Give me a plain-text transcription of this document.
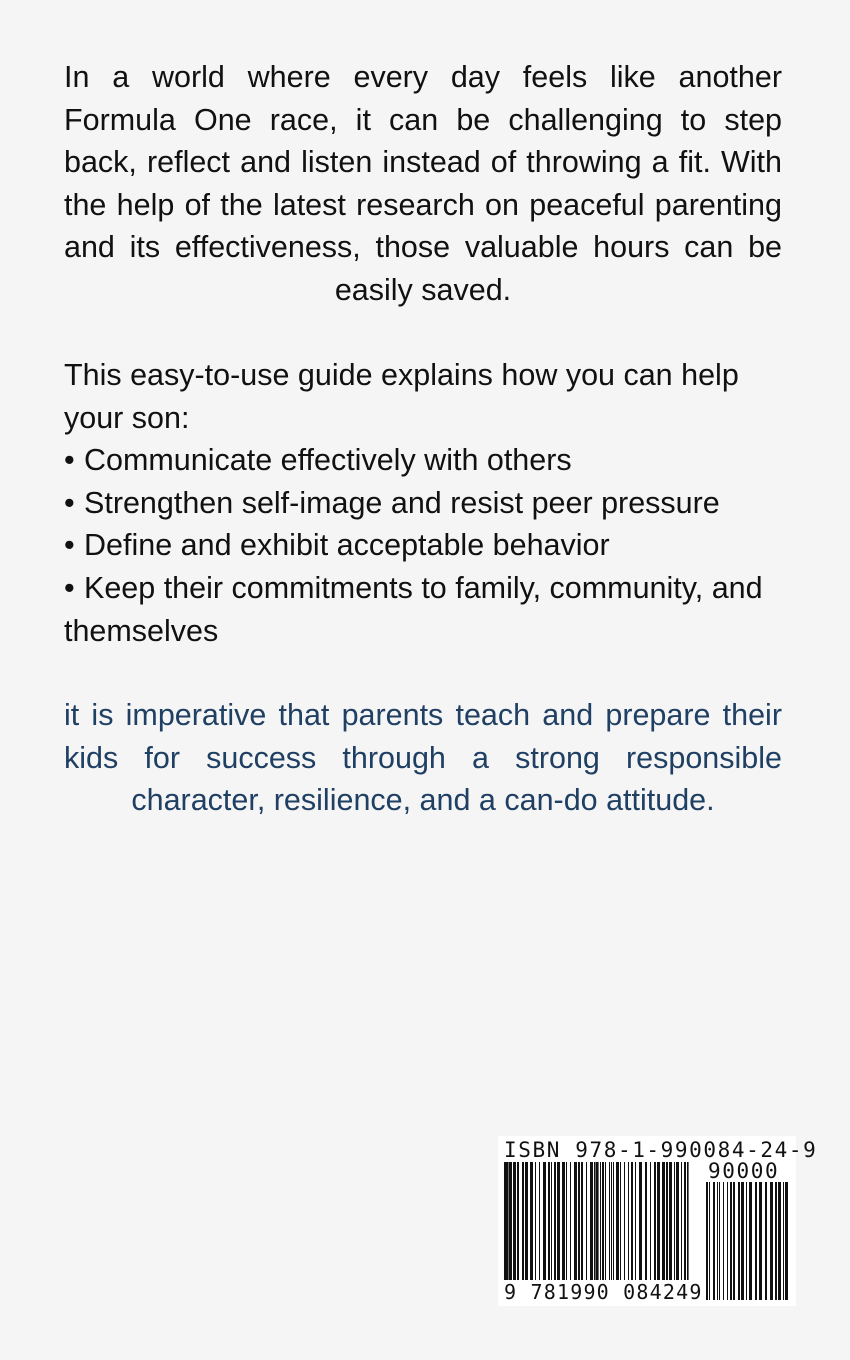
In a world where every day feels like another Formula One race, it can be challenging to step back, reflect and listen instead of throwing a fit. With the help of the latest research on peaceful parenting and its effectiveness, those valuable hours can be easily saved.

This easy-to-use guide explains how you can help your son:

• Communicate effectively with others
• Strengthen self-image and resist peer pressure
• Define and exhibit acceptable behavior
• Keep their commitments to family, community, and themselves

it is imperative that parents teach and prepare their kids for success through a strong responsible character, resilience, and a can-do attitude.

ISBN 978-1-990084-24-9
90000
9 781990 084249
